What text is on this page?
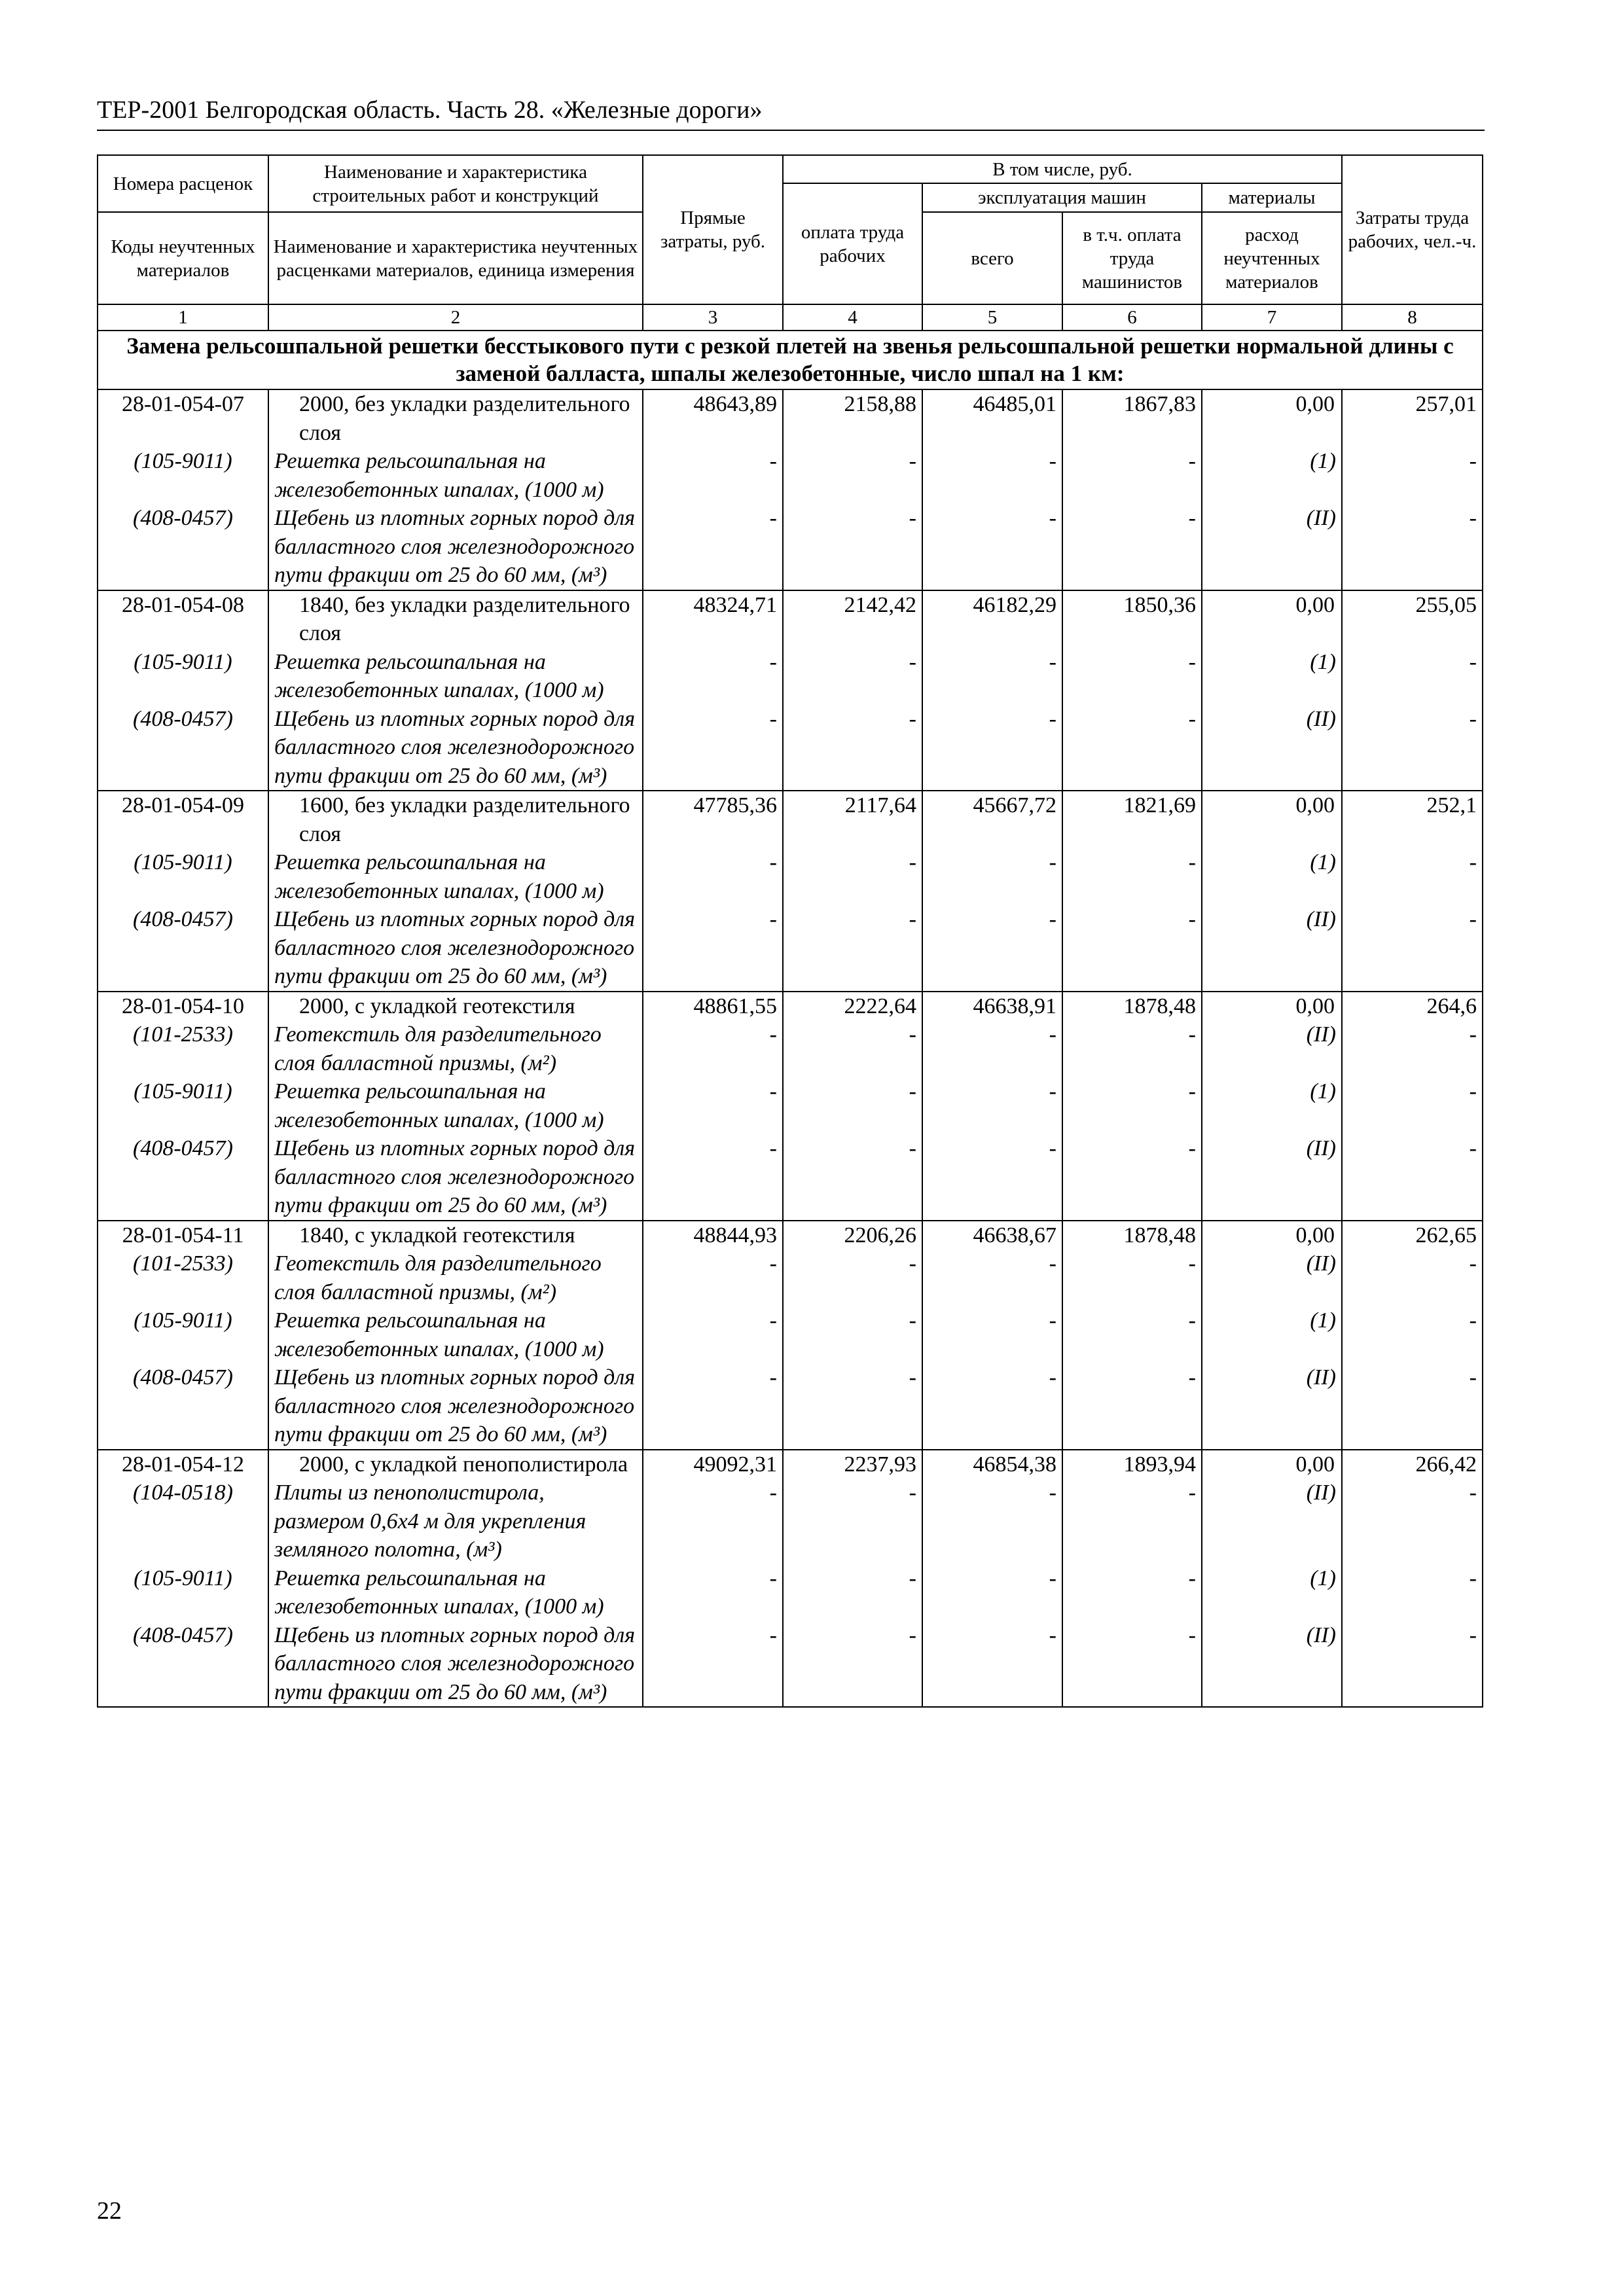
ТЕР-2001 Белгородская область. Часть 28. «Железные дороги»
Номера расценок	Наименование и характеристика строительных работ и конструкций	Прямые затраты, руб.	В том числе, руб.				Затраты труда рабочих, чел.-ч.
			оплата труда рабочих	эксплуатация машин		материалы	
Коды неучтенных материалов	Наименование и характеристика неучтенных расценками материалов, единица измерения			всего	в т.ч. оплата труда машинистов	расход неучтенных материалов	

1	2	3	4	5	6	7	8
Замена рельсошпальной решетки бесстыкового пути с резкой плетей на звенья рельсошпальной решетки нормальной длины с заменой балласта, шпалы железобетонные, число шпал на 1 км:							
28-01-054-07	2000, без укладки разделительного слоя	48643,89	2158,88	46485,01	1867,83	0,00	257,01
(105-9011)	Решетка рельсошпальная на железобетонных шпалах, (1000 м)	-	-	-	-	(1)	-
(408-0457)	Щебень из плотных горных пород для балластного слоя железнодорожного пути фракции от 25 до 60 мм, (м³)	-	-	-	-	(II)	-
28-01-054-08	1840, без укладки разделительного слоя	48324,71	2142,42	46182,29	1850,36	0,00	255,05
(105-9011)	Решетка рельсошпальная на железобетонных шпалах, (1000 м)	-	-	-	-	(1)	-
(408-0457)	Щебень из плотных горных пород для балластного слоя железнодорожного пути фракции от 25 до 60 мм, (м³)	-	-	-	-	(II)	-
28-01-054-09	1600, без укладки разделительного слоя	47785,36	2117,64	45667,72	1821,69	0,00	252,1
(105-9011)	Решетка рельсошпальная на железобетонных шпалах, (1000 м)	-	-	-	-	(1)	-
(408-0457)	Щебень из плотных горных пород для балластного слоя железнодорожного пути фракции от 25 до 60 мм, (м³)	-	-	-	-	(II)	-
28-01-054-10	2000, с укладкой геотекстиля	48861,55	2222,64	46638,91	1878,48	0,00	264,6
(101-2533)	Геотекстиль для разделительного слоя балластной призмы, (м²)	-	-	-	-	(II)	-
(105-9011)	Решетка рельсошпальная на железобетонных шпалах, (1000 м)	-	-	-	-	(1)	-
(408-0457)	Щебень из плотных горных пород для балластного слоя железнодорожного пути фракции от 25 до 60 мм, (м³)	-	-	-	-	(II)	-
28-01-054-11	1840, с укладкой геотекстиля	48844,93	2206,26	46638,67	1878,48	0,00	262,65
(101-2533)	Геотекстиль для разделительного слоя балластной призмы, (м²)	-	-	-	-	(II)	-
(105-9011)	Решетка рельсошпальная на железобетонных шпалах, (1000 м)	-	-	-	-	(1)	-
(408-0457)	Щебень из плотных горных пород для балластного слоя железнодорожного пути фракции от 25 до 60 мм, (м³)	-	-	-	-	(II)	-
28-01-054-12	2000, с укладкой пенополистирола	49092,31	2237,93	46854,38	1893,94	0,00	266,42
(104-0518)	Плиты из пенополистирола, размером 0,6х4 м для укрепления земляного полотна, (м³)	-	-	-	-	(II)	-
(105-9011)	Решетка рельсошпальная на железобетонных шпалах, (1000 м)	-	-	-	-	(1)	-
(408-0457)	Щебень из плотных горных пород для балластного слоя железнодорожного пути фракции от 25 до 60 мм, (м³)	-	-	-	-	(II)	-
22
